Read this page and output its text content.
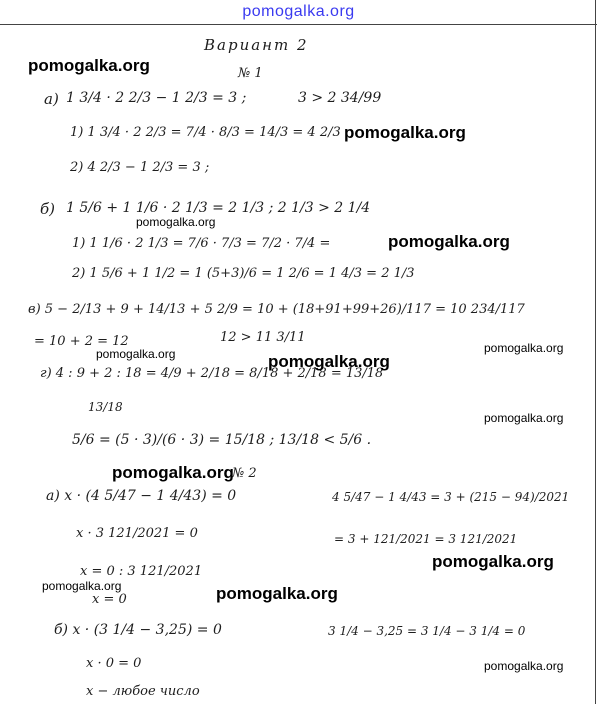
pomogalka.org
Вариант 2
№ 1
а) 1 3/4 · 2 2/3 − 1 2/3 = 3 ;	3 > 2 34/99
1) 1 3/4 · 2 2/3 = 7/4 · 8/3 = 14/3 = 4 2/3
2) 4 2/3 − 1 2/3 = 3 ;
б) 1 5/6 + 1 1/6 · 2 1/3 = 2 1/3 ; 2 1/3 > 2 1/4
1) 1 1/6 · 2 1/3 = 7/6 · 7/3 = 7/2 · 7/4 =
2) 1 5/6 + 1 1/2 = 1 (5+3)/6 = 1 2/6 = 1 4/3 = 2 1/3
в) 5 − 2/13 + 9 + 14/13 + 5 2/9 = 10 + (18+91+99+26)/117 = 10 234/117
= 10 + 2 = 12	12 > 11 3/11
г) 4 : 9 + 2 : 18 = 4/9 + 2/18 = 8/18 + 2/18 = 13/18
13/18
5/6 = (5 · 3)/(6 · 3) = 15/18 ; 13/18 < 5/6 .
№ 2
а) x · (4 5/47 − 1 4/43) = 0	4 5/47 − 1 4/43 = 3 + (215 − 94)/2021
= 3 + 121/2021 = 3 121/2021
x · 3 121/2021 = 0
x = 0 : 3 121/2021
x = 0
б) x · (3 1/4 − 3,25) = 0	3 1/4 − 3,25 = 3 1/4 − 3 1/4 = 0
x · 0 = 0
x − любое число
pomogalka.org
pomogalka.org
pomogalka.org
pomogalka.org
pomogalka.org
pomogalka.org	pomogalka.org
pomogalka.org
pomogalka.org
pomogalka.org
pomogalka.org	pomogalka.org
pomogalka.org
